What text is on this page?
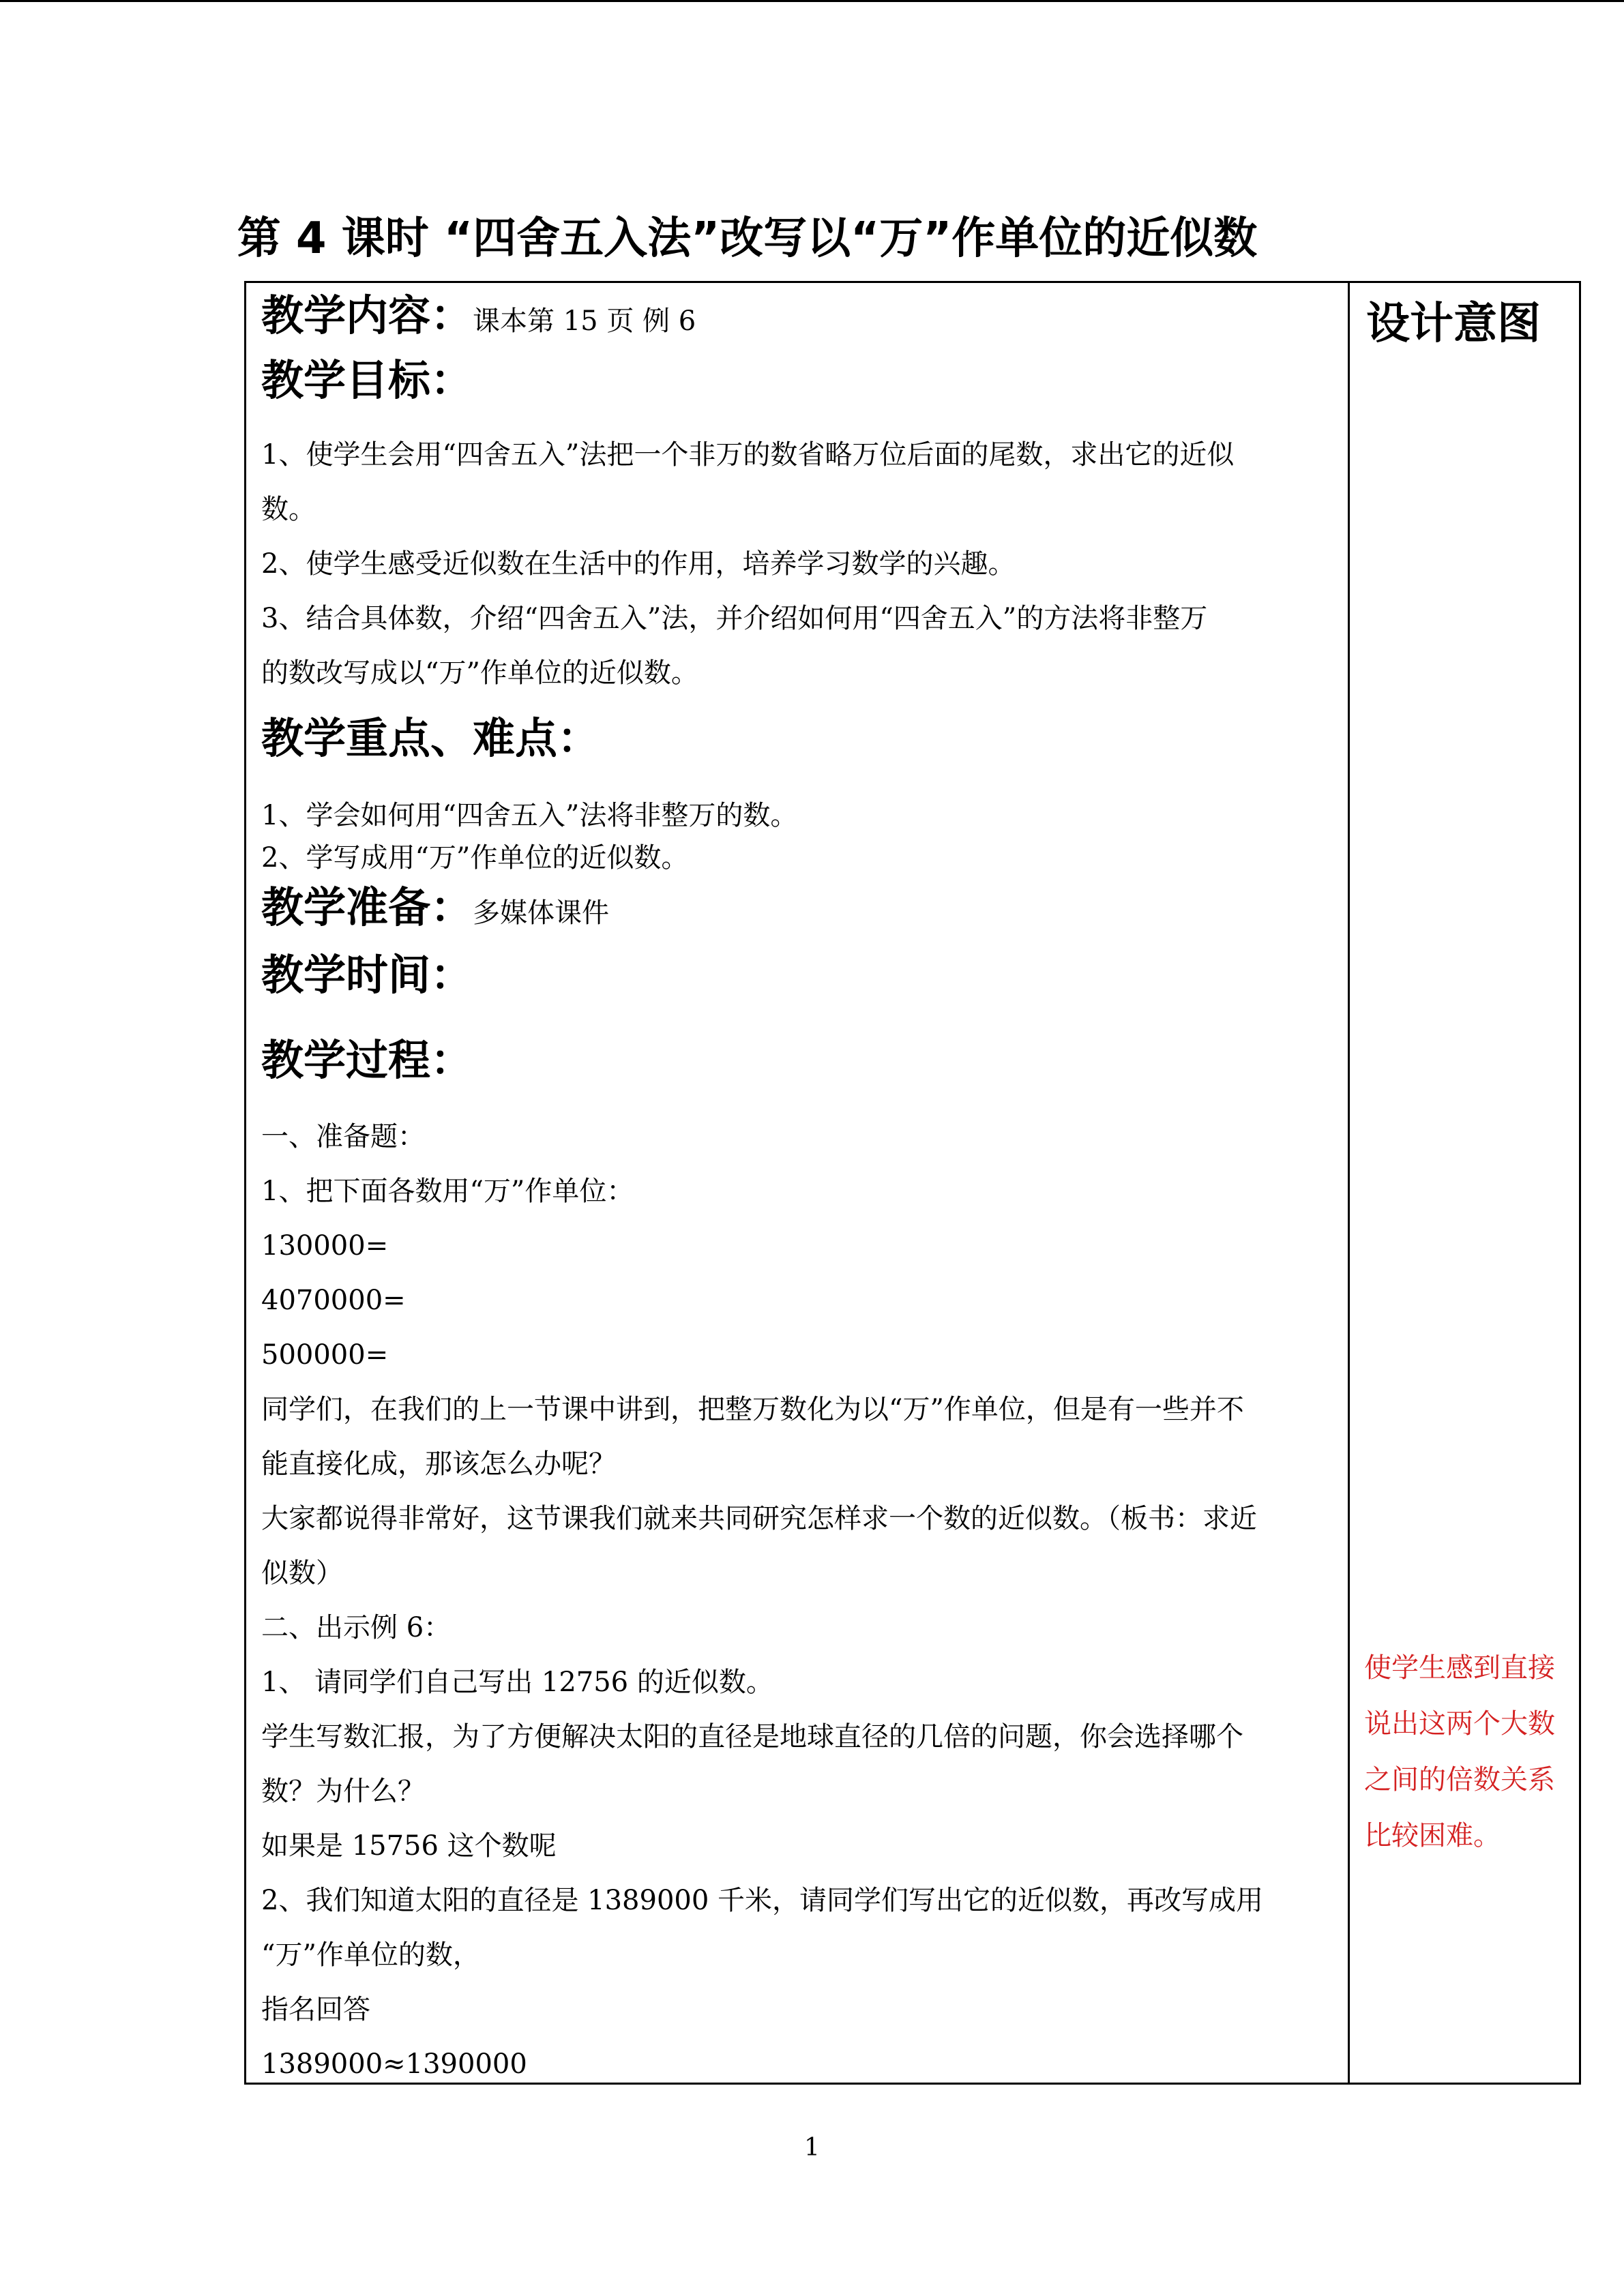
第 4 课时 “四舍五入法”改写以“万”作单位的近似数
设计意图
使学生感到直接说出这两个大数之间的倍数关系比较困难。
教学内容：课本第 15 页 例 6
教学目标：
1、使学生会用“四舍五入”法把一个非万的数省略万位后面的尾数，求出它的近似
数。
2、使学生感受近似数在生活中的作用，培养学习数学的兴趣。
3、结合具体数，介绍“四舍五入”法，并介绍如何用“四舍五入”的方法将非整万
的数改写成以“万”作单位的近似数。
教学重点、难点：
1、学会如何用“四舍五入”法将非整万的数。
2、学写成用“万”作单位的近似数。
教学准备：多媒体课件
教学时间：
教学过程：
一、准备题：
1、把下面各数用“万”作单位：
130000=
4070000=
500000=
同学们，在我们的上一节课中讲到，把整万数化为以“万”作单位，但是有一些并不
能直接化成，那该怎么办呢？
大家都说得非常好，这节课我们就来共同研究怎样求一个数的近似数。（板书：求近
似数）
二、出示例 6：
1、 请同学们自己写出 12756 的近似数。
学生写数汇报，为了方便解决太阳的直径是地球直径的几倍的问题，你会选择哪个
数？为什么？
如果是 15756 这个数呢
2、我们知道太阳的直径是 1389000 千米，请同学们写出它的近似数，再改写成用
“万”作单位的数，
指名回答
1389000≈1390000
1
